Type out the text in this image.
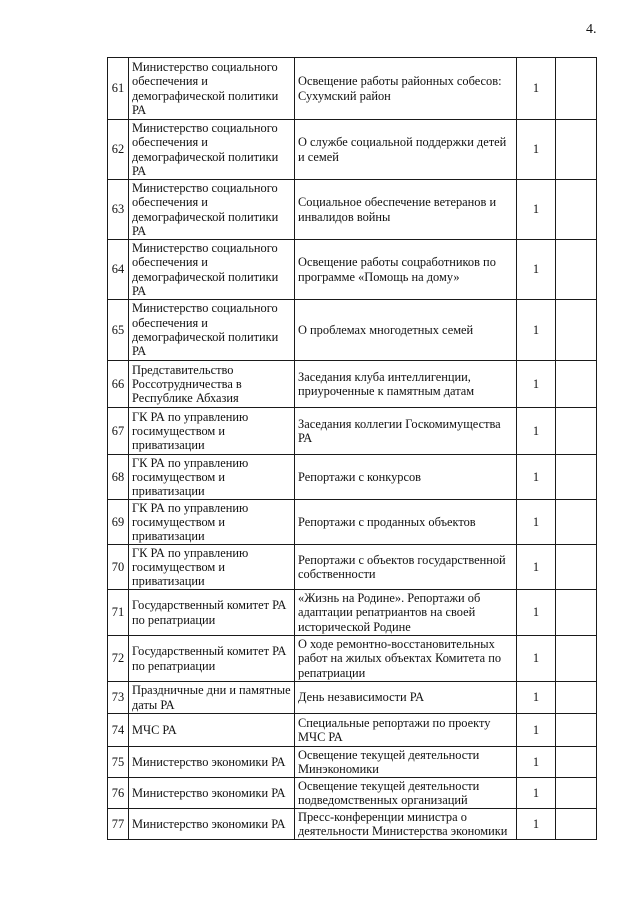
4.
61	Министерство социального обеспечения и демографической политики РА	Освещение работы районных собесов: Сухумский район	1	
62	Министерство социального обеспечения и демографической политики РА	О службе социальной поддержки детей и семей	1	
63	Министерство социального обеспечения и демографической политики РА	Социальное обеспечение ветеранов и инвалидов войны	1	
64	Министерство социального обеспечения и демографической политики РА	Освещение работы соцработников по программе «Помощь на дому»	1	
65	Министерство социального обеспечения и демографической политики РА	О проблемах многодетных семей	1	
66	Представительство Россотрудничества в Республике Абхазия	Заседания клуба интеллигенции, приуроченные к памятным датам	1	
67	ГК РА по управлению госимуществом и приватизации	Заседания коллегии Госкомимущества РА	1	
68	ГК РА по управлению госимуществом и приватизации	Репортажи с конкурсов	1	
69	ГК РА по управлению госимуществом и приватизации	Репортажи с проданных объектов	1	
70	ГК РА по управлению госимуществом и приватизации	Репортажи с объектов государственной собственности	1	
71	Государственный комитет РА по репатриации	«Жизнь на Родине». Репортажи об адаптации репатриантов на своей исторической Родине	1	
72	Государственный комитет РА по репатриации	О ходе ремонтно-восстановительных работ на жилых объектах Комитета по репатриации	1	
73	Праздничные дни и памятные даты РА	День независимости РА	1	
74	МЧС РА	Специальные репортажи по проекту МЧС РА	1	
75	Министерство экономики РА	Освещение текущей деятельности Минэкономики	1	
76	Министерство экономики РА	Освещение текущей деятельности подведомственных организаций	1	
77	Министерство экономики РА	Пресс-конференции министра о деятельности Министерства экономики	1	
